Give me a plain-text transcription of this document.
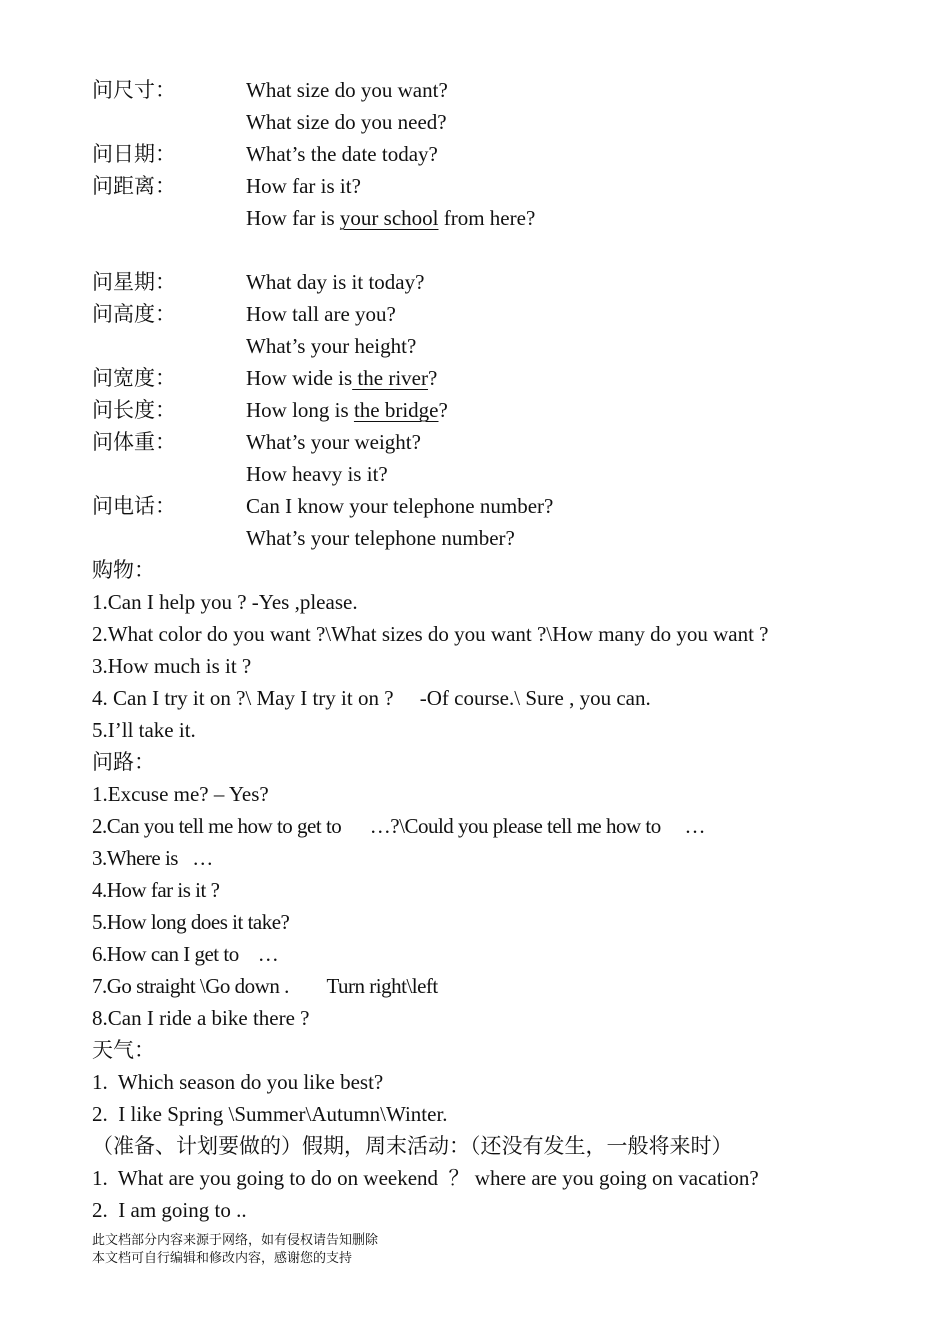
问尺寸：	What size do you want?
What size do you need?
问日期：	What’s the date today?
问距离：	How far is it?
How far is your school from here?
问星期：	What day is it today?
问高度：	How tall are you?
What’s your height?
问宽度：	How wide is the river?
问长度：	How long is the bridge?
问体重：	What’s your weight?
How heavy is it?
问电话：	Can I know your telephone number?
What’s your telephone number?
购物：
1.Can I help you ? -Yes ,please.
2.What color do you want ?\What sizes do you want ?\How many do you want ?
3.How much is it ?
4. Can I try it on ?\ May I try it on ?     -Of course.\ Sure , you can.
5.I’ll take it.
问路：
1.Excuse me? – Yes?
2.Can you tell me how to get to      …?\Could you please tell me how to     …
3.Where is   …
4.How far is it ?
5.How long does it take?
6.How can I get to    …
7.Go straight \Go down .        Turn right\left
8.Can I ride a bike there ?
天气：
1.  Which season do you like best?
2.  I like Spring \Summer\Autumn\Winter.
（准备、计划要做的）假期，周末活动：（还没有发生，一般将来时）
1.  What are you going to do on weekend  ？ where are you going on vacation?
2.  I am going to ..
此文档部分内容来源于网络，如有侵权请告知删除
本文档可自行编辑和修改内容，感谢您的支持
